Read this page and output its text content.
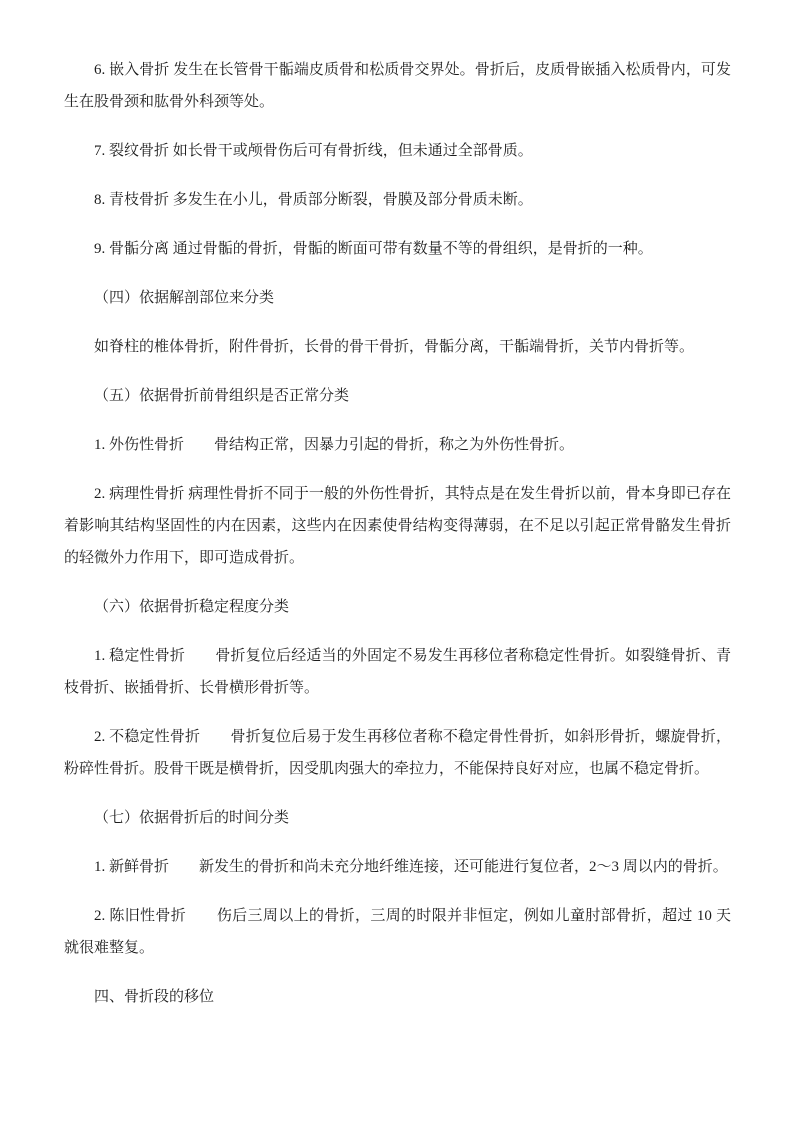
6. 嵌入骨折 发生在长管骨干骺端皮质骨和松质骨交界处。骨折后，皮质骨嵌插入松质骨内，可发生在股骨颈和肱骨外科颈等处。

7. 裂纹骨折 如长骨干或颅骨伤后可有骨折线，但未通过全部骨质。

8. 青枝骨折 多发生在小儿，骨质部分断裂，骨膜及部分骨质未断。

9. 骨骺分离 通过骨骺的骨折，骨骺的断面可带有数量不等的骨组织，是骨折的一种。

（四）依据解剖部位来分类

如脊柱的椎体骨折，附件骨折，长骨的骨干骨折，骨骺分离，干骺端骨折，关节内骨折等。

（五）依据骨折前骨组织是否正常分类

1. 外伤性骨折　　骨结构正常，因暴力引起的骨折，称之为外伤性骨折。

2. 病理性骨折 病理性骨折不同于一般的外伤性骨折，其特点是在发生骨折以前，骨本身即已存在着影响其结构坚固性的内在因素，这些内在因素使骨结构变得薄弱，在不足以引起正常骨骼发生骨折的轻微外力作用下，即可造成骨折。

（六）依据骨折稳定程度分类

1. 稳定性骨折　　骨折复位后经适当的外固定不易发生再移位者称稳定性骨折。如裂缝骨折、青枝骨折、嵌插骨折、长骨横形骨折等。

2. 不稳定性骨折　　骨折复位后易于发生再移位者称不稳定骨性骨折，如斜形骨折，螺旋骨折，粉碎性骨折。股骨干既是横骨折，因受肌肉强大的牵拉力，不能保持良好对应，也属不稳定骨折。

（七）依据骨折后的时间分类

1. 新鲜骨折　　新发生的骨折和尚未充分地纤维连接，还可能进行复位者，2～3 周以内的骨折。

2. 陈旧性骨折　　伤后三周以上的骨折，三周的时限并非恒定，例如儿童肘部骨折，超过 10 天就很难整复。

四、骨折段的移位
